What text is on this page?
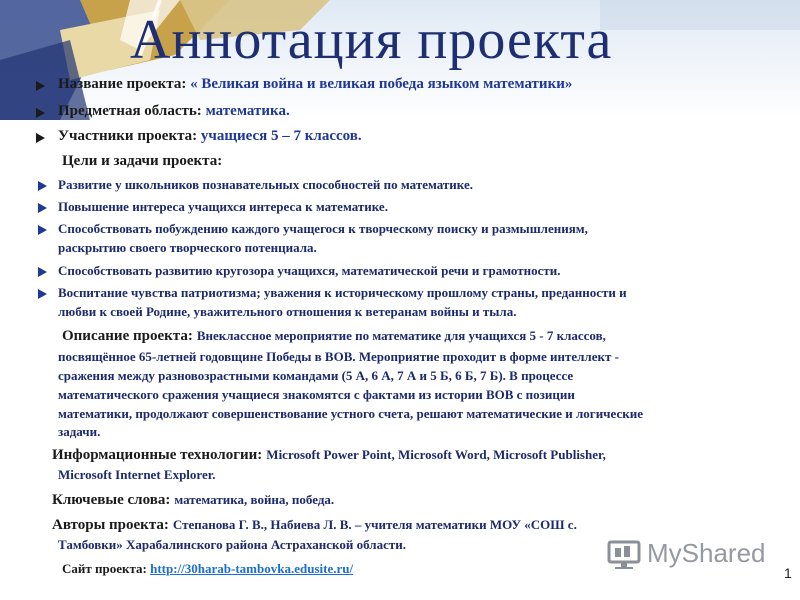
Аннотация проекта
Название проекта: « Великая война и великая победа языком математики»
Предметная область: математика.
Участники проекта: учащиеся 5 – 7 классов.
Цели и задачи проекта:
Развитие у школьников познавательных способностей по математике.
Повышение интереса учащихся интереса к математике.
Способствовать побуждению каждого учащегося к творческому поиску и размышлениям,
раскрытию своего творческого потенциала.
Способствовать развитию кругозора учащихся, математической речи и грамотности.
Воспитание чувства патриотизма; уважения к историческому прошлому страны, преданности и
любви к своей Родине, уважительного отношения к ветеранам войны и тыла.
Описание проекта: Внеклассное мероприятие по математике для учащихся 5 - 7 классов,
посвящённое 65-летней годовщине Победы в ВОВ. Мероприятие проходит в форме интеллект -
сражения между разновозрастными командами (5 А, 6 А, 7 А и 5 Б, 6 Б, 7 Б). В процессе
математического сражения учащиеся знакомятся с фактами из истории ВОВ с позиции
математики, продолжают совершенствование устного счета, решают математические и логические
задачи.
Информационные технологии: Microsoft Power Point, Microsoft Word, Microsoft Publisher,
Microsoft Internet Explorer.
Ключевые слова: математика, война, победа.
Авторы проекта: Степанова Г. В., Набиева Л. В. – учителя математики МОУ «СОШ с.
Тамбовки» Харабалинского района Астраханской области.
Сайт проекта: http://30harab-tambovka.edusite.ru/
MyShared
1
